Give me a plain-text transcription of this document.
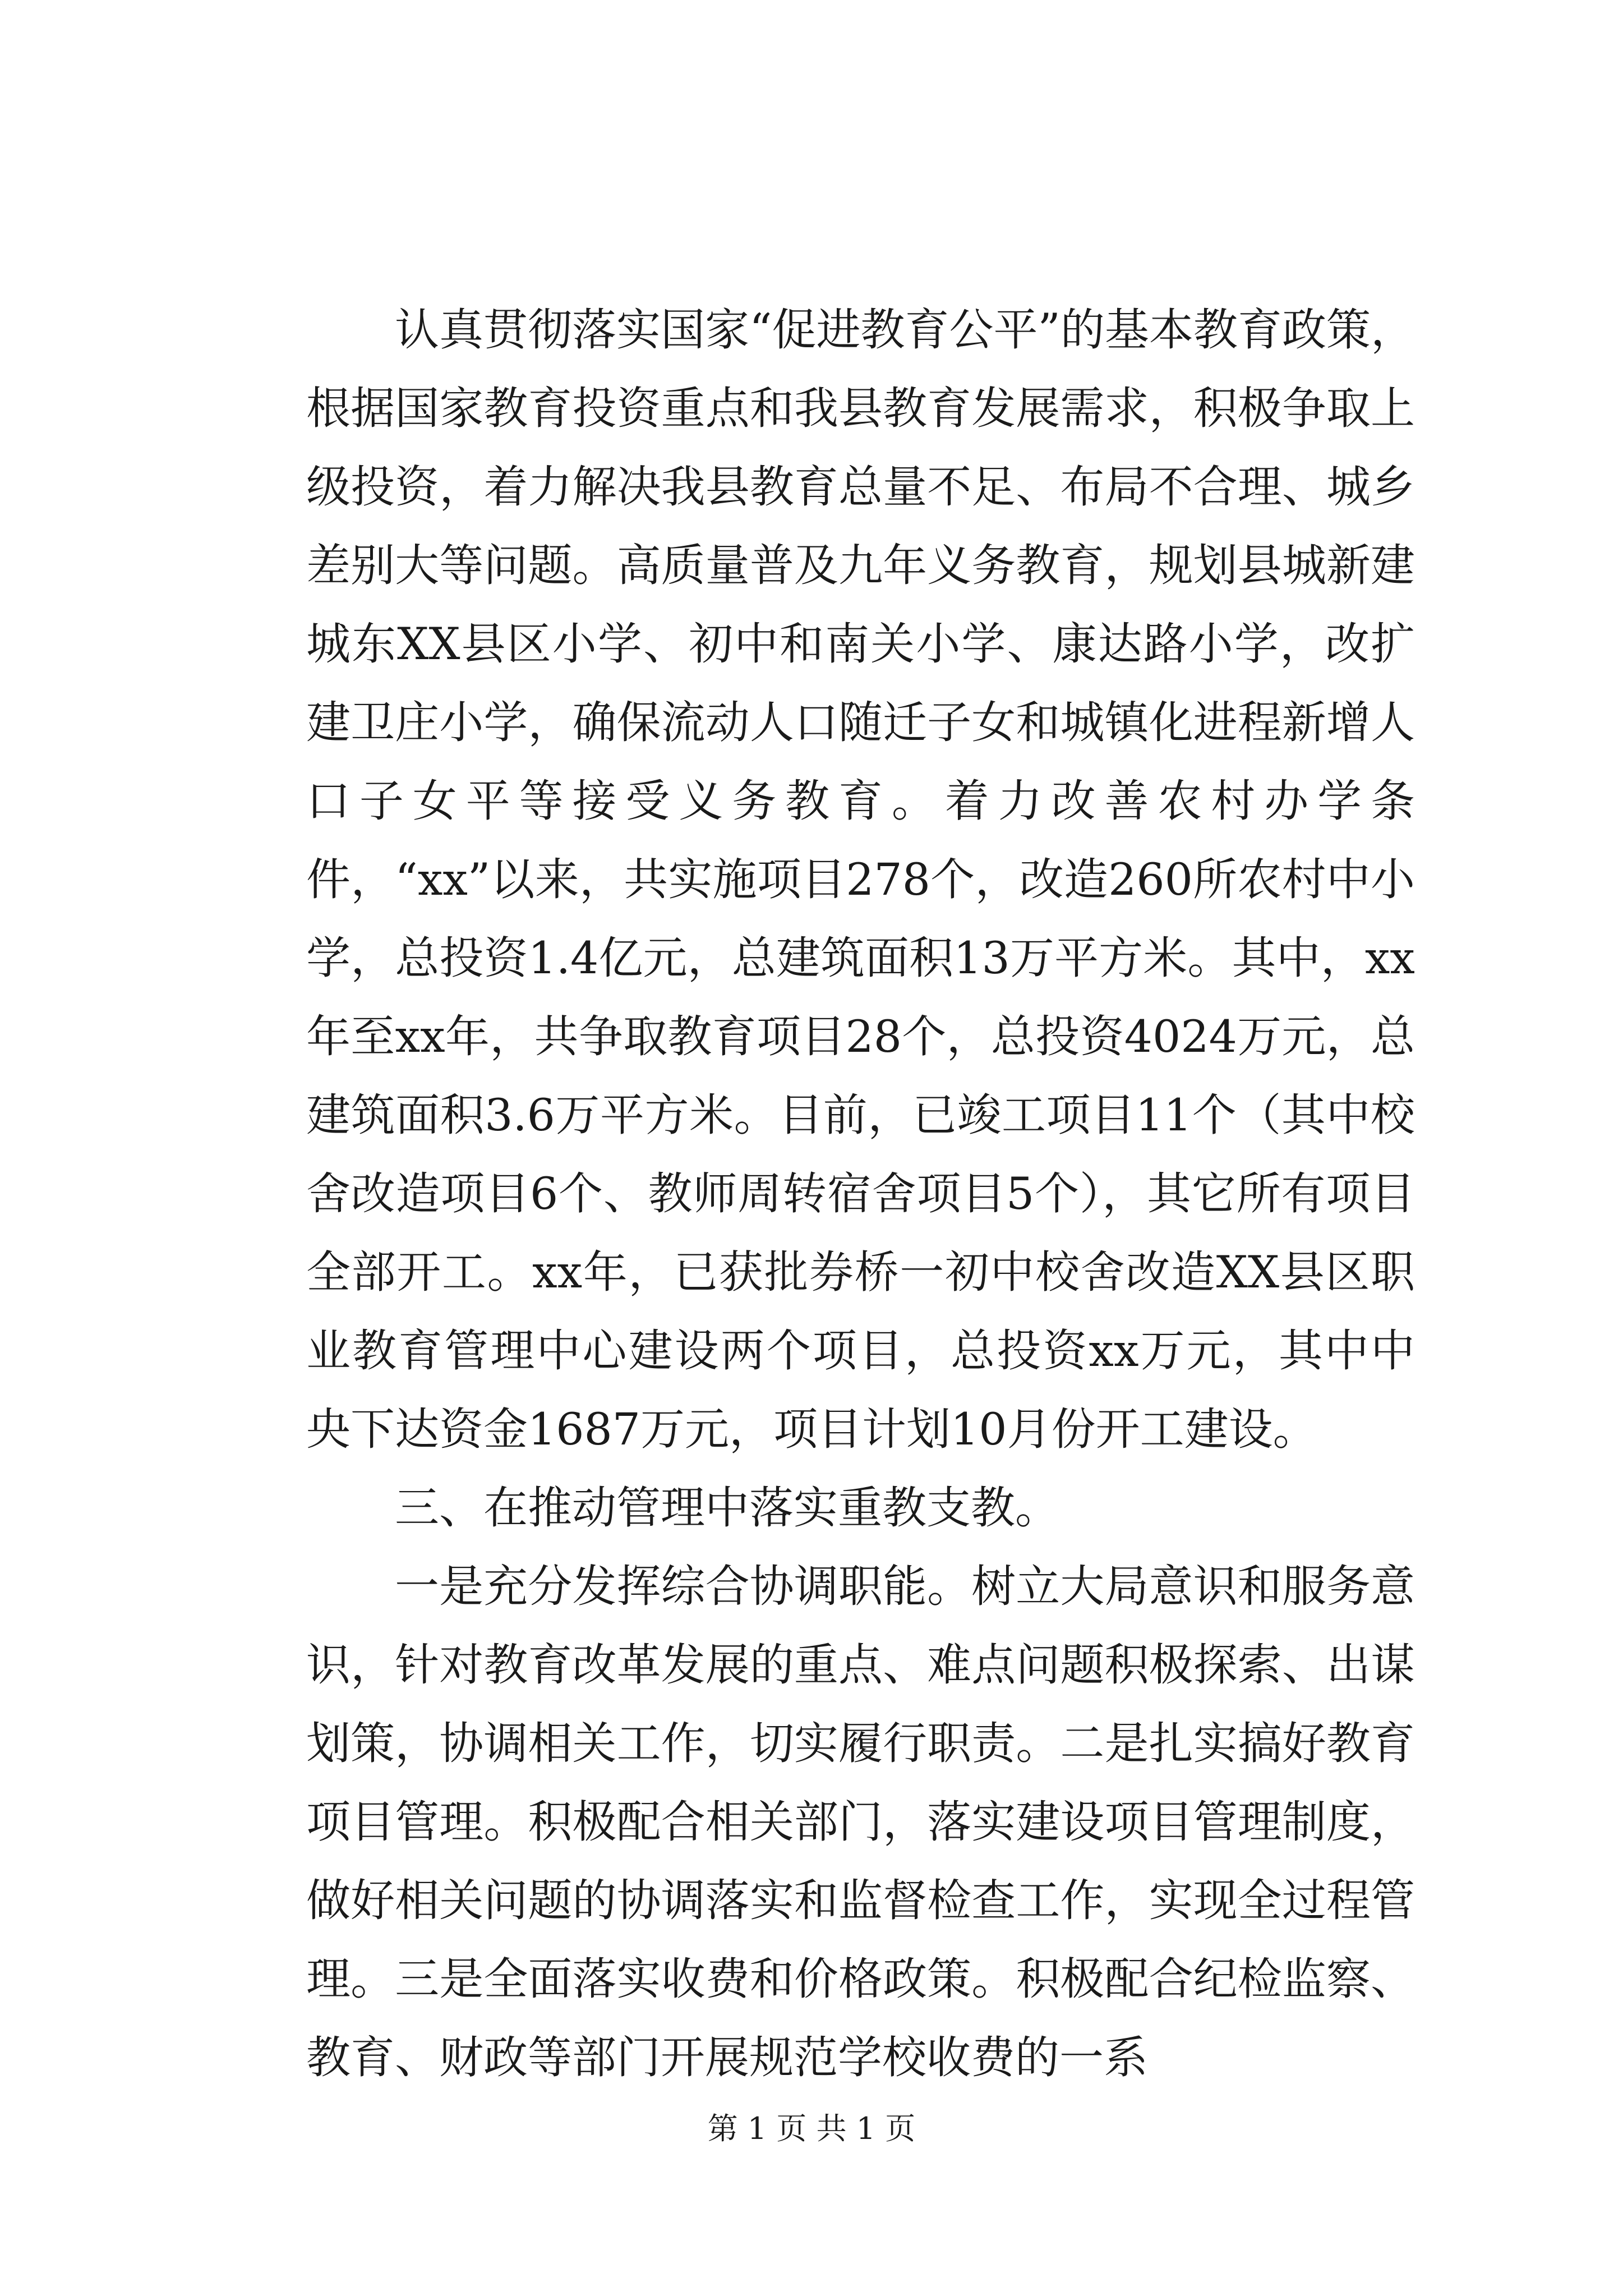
认真贯彻落实国家“促进教育公平”的基本教育政策，根据国家教育投资重点和我县教育发展需求，积极争取上级投资，着力解决我县教育总量不足、布局不合理、城乡差别大等问题。高质量普及九年义务教育，规划县城新建城东XX县区小学、初中和南关小学、康达路小学，改扩建卫庄小学，确保流动人口随迁子女和城镇化进程新增人口子女平等接受义务教育。着力改善农村办学条件，“xx”以来，共实施项目278个，改造260所农村中小学，总投资1.4亿元，总建筑面积13万平方米。其中，xx年至xx年，共争取教育项目28个，总投资4024万元，总建筑面积3.6万平方米。目前，已竣工项目11个（其中校舍改造项目6个、教师周转宿舍项目5个），其它所有项目全部开工。xx年，已获批券桥一初中校舍改造XX县区职业教育管理中心建设两个项目，总投资xx万元，其中中央下达资金1687万元，项目计划10月份开工建设。

三、在推动管理中落实重教支教。

一是充分发挥综合协调职能。树立大局意识和服务意识，针对教育改革发展的重点、难点问题积极探索、出谋划策，协调相关工作，切实履行职责。二是扎实搞好教育项目管理。积极配合相关部门，落实建设项目管理制度，做好相关问题的协调落实和监督检查工作，实现全过程管理。三是全面落实收费和价格政策。积极配合纪检监察、教育、财政等部门开展规范学校收费的一系

第 1 页 共 1 页
